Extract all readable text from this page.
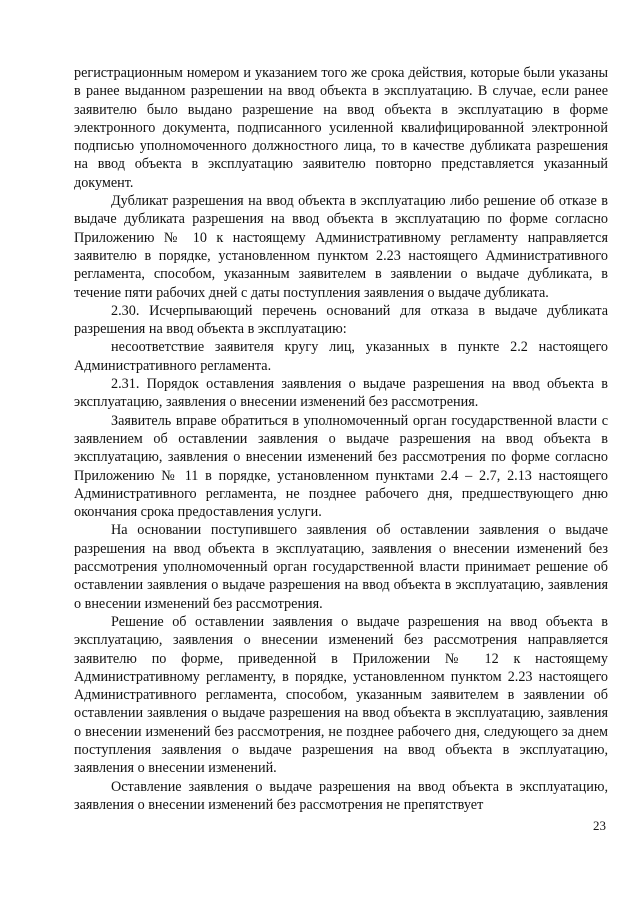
регистрационным номером и указанием того же срока действия, которые были указаны в ранее выданном разрешении на ввод объекта в эксплуатацию. В случае, если ранее заявителю было выдано разрешение на ввод объекта в эксплуатацию в форме электронного документа, подписанного усиленной квалифицированной электронной подписью уполномоченного должностного лица, то в качестве дубликата разрешения на ввод объекта в эксплуатацию заявителю повторно представляется указанный документ.

Дубликат разрешения на ввод объекта в эксплуатацию либо решение об отказе в выдаче дубликата разрешения на ввод объекта в эксплуатацию по форме согласно Приложению № 10 к настоящему Административному регламенту направляется заявителю в порядке, установленном пунктом 2.23 настоящего Административного регламента, способом, указанным заявителем в заявлении о выдаче дубликата, в течение пяти рабочих дней с даты поступления заявления о выдаче дубликата.

2.30. Исчерпывающий перечень оснований для отказа в выдаче дубликата разрешения на ввод объекта в эксплуатацию:

несоответствие заявителя кругу лиц, указанных в пункте 2.2 настоящего Административного регламента.

2.31. Порядок оставления заявления о выдаче разрешения на ввод объекта в эксплуатацию, заявления о внесении изменений без рассмотрения.

Заявитель вправе обратиться в уполномоченный орган государственной власти с заявлением об оставлении заявления о выдаче разрешения на ввод объекта в эксплуатацию, заявления о внесении изменений без рассмотрения по форме согласно Приложению № 11 в порядке, установленном пунктами 2.4 – 2.7, 2.13 настоящего Административного регламента, не позднее рабочего дня, предшествующего дню окончания срока предоставления услуги.

На основании поступившего заявления об оставлении заявления о выдаче разрешения на ввод объекта в эксплуатацию, заявления о внесении изменений без рассмотрения уполномоченный орган государственной власти принимает решение об оставлении заявления о выдаче разрешения на ввод объекта в эксплуатацию, заявления о внесении изменений без рассмотрения.

Решение об оставлении заявления о выдаче разрешения на ввод объекта в эксплуатацию, заявления о внесении изменений без рассмотрения направляется заявителю по форме, приведенной в Приложении № 12 к настоящему Административному регламенту, в порядке, установленном пунктом 2.23 настоящего Административного регламента, способом, указанным заявителем в заявлении об оставлении заявления о выдаче разрешения на ввод объекта в эксплуатацию, заявления о внесении изменений без рассмотрения, не позднее рабочего дня, следующего за днем поступления заявления о выдаче разрешения на ввод объекта в эксплуатацию, заявления о внесении изменений.

Оставление заявления о выдаче разрешения на ввод объекта в эксплуатацию, заявления о внесении изменений без рассмотрения не препятствует

23
